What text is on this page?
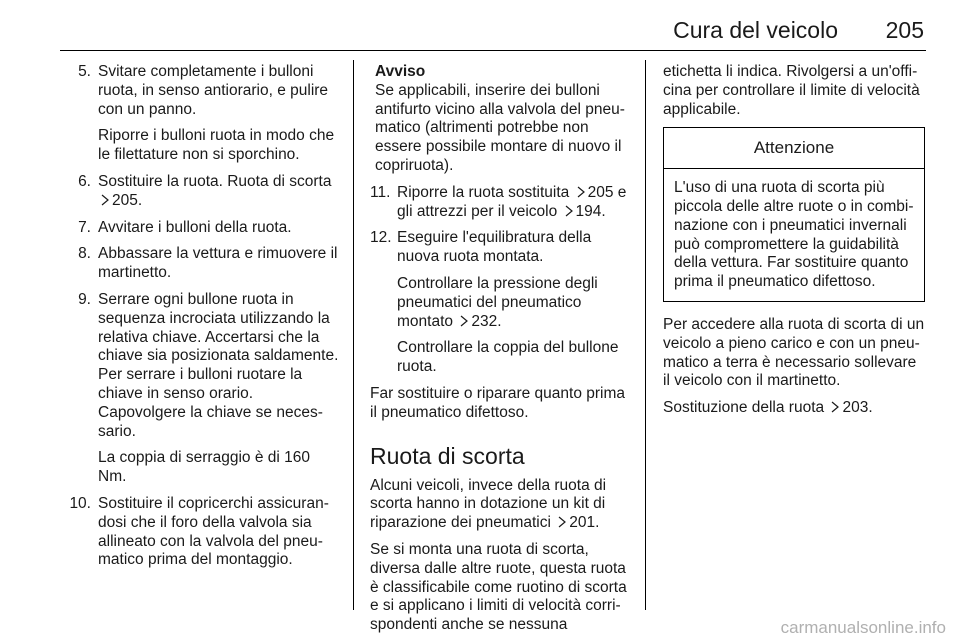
Cura del veicolo 205
5. Svitare completamente i bulloni ruota, in senso antiorario, e pulire con un panno.
Riporre i bulloni ruota in modo che le filettature non si sporchino.
6. Sostituire la ruota. Ruota di scorta 205.
7. Avvitare i bulloni della ruota.
8. Abbassare la vettura e rimuovere il martinetto.
9. Serrare ogni bullone ruota in sequenza incrociata utilizzando la relativa chiave. Accertarsi che la chiave sia posizionata saldamente. Per serrare i bulloni ruotare la chiave in senso orario. Capovolgere la chiave se necessario.
La coppia di serraggio è di 160 Nm.
10. Sostituire il copricerchi assicurandosi che il foro della valvola sia allineato con la valvola del pneumatico prima del montaggio.
Avviso

Se applicabili, inserire dei bulloni antifurto vicino alla valvola del pneumatico (altrimenti potrebbe non essere possibile montare di nuovo il copriruota).

11. Riporre la ruota sostituita 205 e gli attrezzi per il veicolo 194.
12. Eseguire l'equilibratura della nuova ruota montata.
Controllare la pressione degli pneumatici del pneumatico montato 232.
Controllare la coppia del bullone ruota.

Far sostituire o riparare quanto prima il pneumatico difettoso.

Ruota di scorta

Alcuni veicoli, invece della ruota di scorta hanno in dotazione un kit di riparazione dei pneumatici 201.

Se si monta una ruota di scorta, diversa dalle altre ruote, questa ruota è classificabile come ruotino di scorta e si applicano i limiti di velocità corrispondenti anche se nessuna

etichetta li indica. Rivolgersi a un'officina per controllare il limite di velocità applicabile.

Attenzione
L'uso di una ruota di scorta più piccola delle altre ruote o in combinazione con i pneumatici invernali può compromettere la guidabilità della vettura. Far sostituire quanto prima il pneumatico difettoso.

Per accedere alla ruota di scorta di un veicolo a pieno carico e con un pneumatico a terra è necessario sollevare il veicolo con il martinetto.

Sostituzione della ruota 203.

carmanualsonline.info
